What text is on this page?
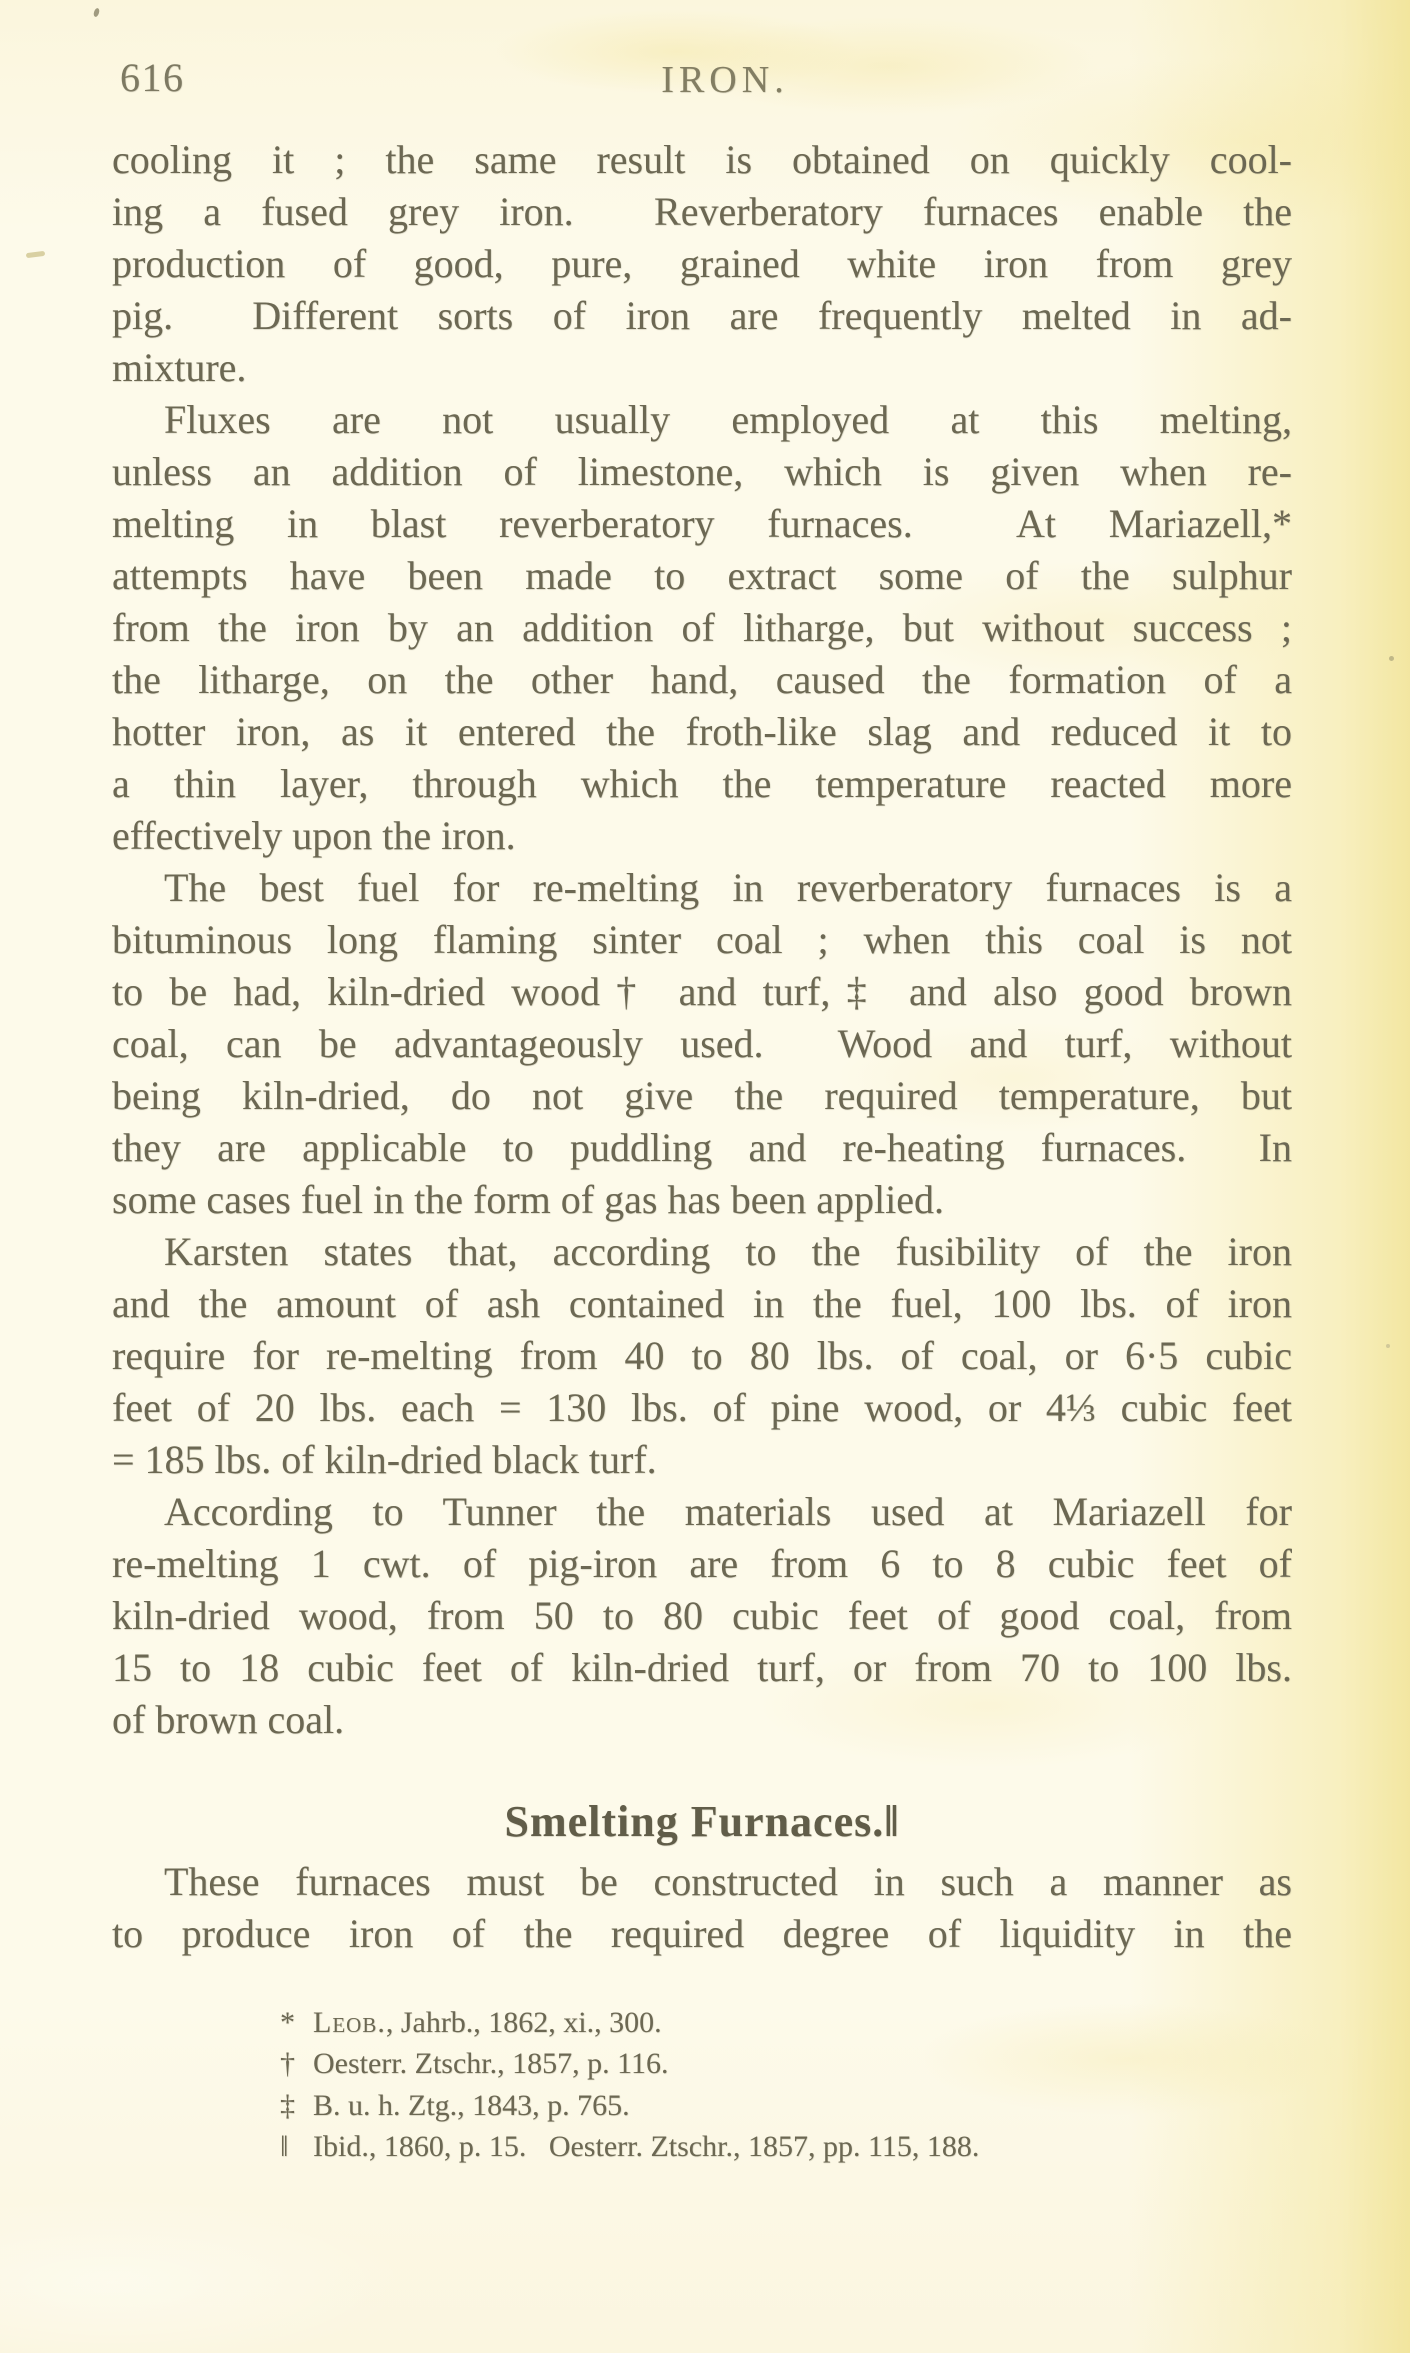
616	IRON.
cooling it ; the same result is obtained on quickly cool-
ing a fused grey iron.  Reverberatory furnaces enable the
production of good, pure, grained white iron from grey
pig.  Different sorts of iron are frequently melted in ad-
mixture.
Fluxes are not usually employed at this melting,
unless an addition of limestone, which is given when re-
melting in blast reverberatory furnaces.  At Mariazell,*
attempts have been made to extract some of the sulphur
from the iron by an addition of litharge, but without success ;
the litharge, on the other hand, caused the formation of a
hotter iron, as it entered the froth-like slag and reduced it to
a thin layer, through which the temperature reacted more
effectively upon the iron.
The best fuel for re-melting in reverberatory furnaces is a
bituminous long flaming sinter coal ; when this coal is not
to be had, kiln-dried wood† and turf,‡ and also good brown
coal, can be advantageously used.  Wood and turf, without
being kiln-dried, do not give the required temperature, but
they are applicable to puddling and re-heating furnaces.  In
some cases fuel in the form of gas has been applied.
Karsten states that, according to the fusibility of the iron
and the amount of ash contained in the fuel, 100 lbs. of iron
require for re-melting from 40 to 80 lbs. of coal, or 6·5 cubic
feet of 20 lbs. each = 130 lbs. of pine wood, or 4⅓ cubic feet
= 185 lbs. of kiln-dried black turf.
According to Tunner the materials used at Mariazell for
re-melting 1 cwt. of pig-iron are from 6 to 8 cubic feet of
kiln-dried wood, from 50 to 80 cubic feet of good coal, from
15 to 18 cubic feet of kiln-dried turf, or from 70 to 100 lbs.
of brown coal.
Smelting Furnaces.‖
These furnaces must be constructed in such a manner as
to produce iron of the required degree of liquidity in the
* Leob., Jahrb., 1862, xi., 300.
† Oesterr. Ztschr., 1857, p. 116.
‡ B. u. h. Ztg., 1843, p. 765.
‖ Ibid., 1860, p. 15.   Oesterr. Ztschr., 1857, pp. 115, 188.
